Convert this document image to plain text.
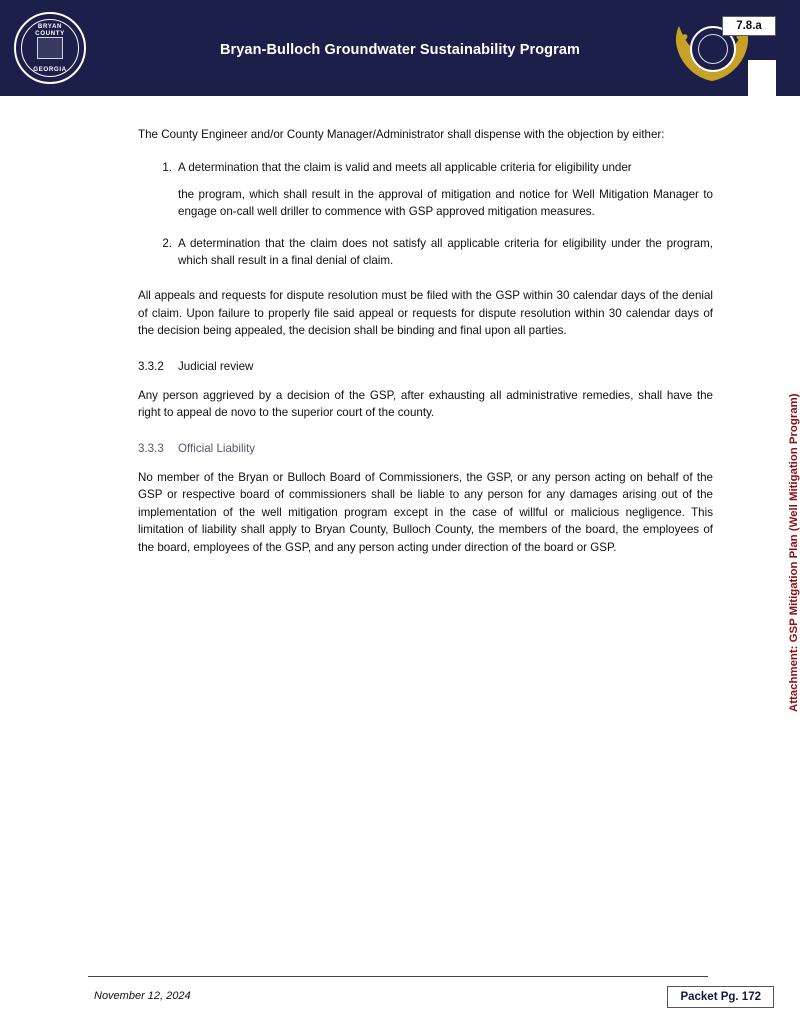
BRYAN COUNTY
GEORGIA
Bryan-Bulloch Groundwater Sustainability Program
7.8.a

The County Engineer and/or County Manager/Administrator shall dispense with the objection by either:

1. A determination that the claim is valid and meets all applicable criteria for eligibility under
the program, which shall result in the approval of mitigation and notice for Well Mitigation Manager to engage on-call well driller to commence with GSP approved mitigation measures.
2. A determination that the claim does not satisfy all applicable criteria for eligibility under the program, which shall result in a final denial of claim.

All appeals and requests for dispute resolution must be filed with the GSP within 30 calendar days of the denial of claim. Upon failure to properly file said appeal or requests for dispute resolution within 30 calendar days of the decision being appealed, the decision shall be binding and final upon all parties.

3.3.2 Judicial review

Any person aggrieved by a decision of the GSP, after exhausting all administrative remedies, shall have the right to appeal de novo to the superior court of the county.

3.3.3 Official Liability

No member of the Bryan or Bulloch Board of Commissioners, the GSP, or any person acting on behalf of the GSP or respective board of commissioners shall be liable to any person for any damages arising out of the implementation of the well mitigation program except in the case of willful or malicious negligence. This limitation of liability shall apply to Bryan County, Bulloch County, the members of the board, the employees of the board, employees of the GSP, and any person acting under direction of the board or GSP.	Attachment: GSP Mitigation Plan (Well Mitigation Program)
November 12, 2024	Packet Pg. 172
